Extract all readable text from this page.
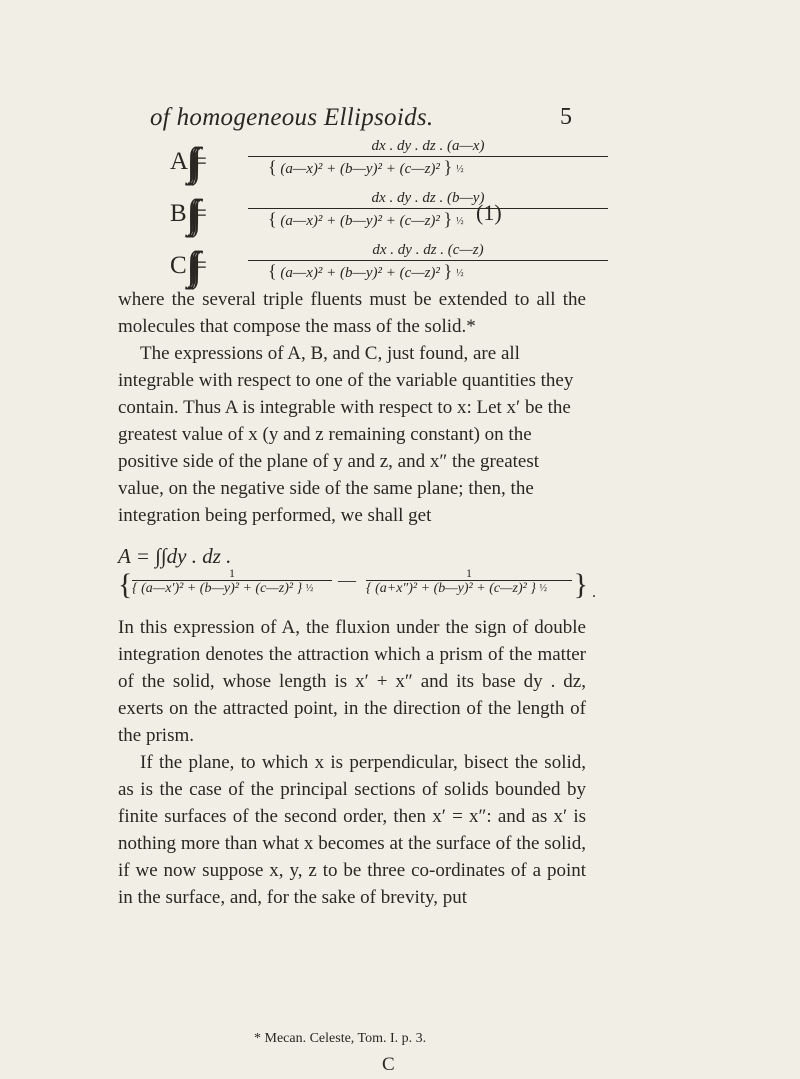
of homogeneous Ellipsoids.	5
A =
dx . dy . dz . (a—x)
{ (a—x)² + (b—y)² + (c—z)² } ½
B =
dx . dy . dz . (b—y)
{ (a—x)² + (b—y)² + (c—z)² } ½
C =
dx . dy . dz . (c—z)
{ (a—x)² + (b—y)² + (c—z)² } ½
(1)

where the several triple fluents must be extended to all the molecules that compose the mass of the solid.*

The expressions of A, B, and C, just found, are all integrable with respect to one of the variable quantities they contain. Thus A is integrable with respect to x: Let x′ be the greatest value of x (y and z remaining constant) on the positive side of the plane of y and z, and x″ the greatest value, on the negative side of the same plane; then, the integration being performed, we shall get

A = ∫∫dy . dz .
{	1
{ (a—x′)² + (b—y)² + (c—z)² } ½	—	1
{ (a+x″)² + (b—y)² + (c—z)² } ½ } .

In this expression of A, the fluxion under the sign of double integration denotes the attraction which a prism of the matter of the solid, whose length is x′ + x″ and its base dy . dz, exerts on the attracted point, in the direction of the length of the prism.

If the plane, to which x is perpendicular, bisect the solid, as is the case of the principal sections of solids bounded by finite surfaces of the second order, then x′ = x″: and as x′ is nothing more than what x becomes at the surface of the solid, if we now suppose x, y, z to be three co-ordinates of a point in the surface, and, for the sake of brevity, put

* Mecan. Celeste, Tom. I. p. 3.
C
